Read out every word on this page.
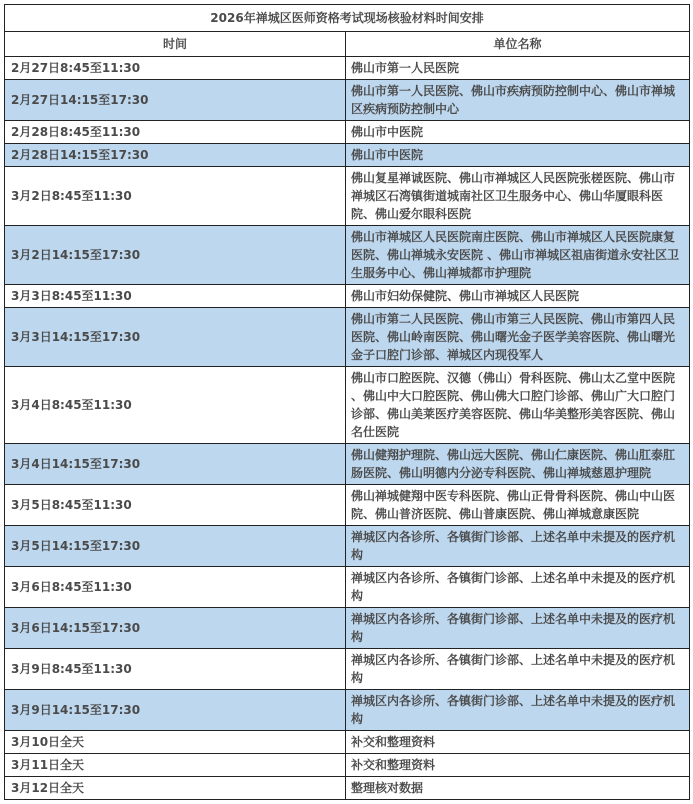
2026年禅城区医师资格考试现场核验材料时间安排	
时间	单位名称
2月27日8:45至11:30	佛山市第一人民医院
2月27日14:15至17:30	佛山市第一人民医院、佛山市疾病预防控制中心、佛山市禅城区疾病预防控制中心
2月28日8:45至11:30	佛山市中医院
2月28日14:15至17:30	佛山市中医院
3月2日8:45至11:30	佛山复星禅诚医院、佛山市禅城区人民医院张槎医院、佛山市禅城区石湾镇街道城南社区卫生服务中心、佛山华厦眼科医院、佛山爱尔眼科医院
3月2日14:15至17:30	佛山市禅城区人民医院南庄医院、佛山市禅城区人民医院康复医院、佛山禅城永安医院 、佛山市禅城区祖庙街道永安社区卫生服务中心、佛山禅城都市护理院
3月3日8:45至11:30	佛山市妇幼保健院、佛山市禅城区人民医院
3月3日14:15至17:30	佛山市第二人民医院、佛山市第三人民医院、佛山市第四人民医院、佛山岭南医院、佛山曙光金子医学美容医院、佛山曙光金子口腔门诊部、禅城区内现役军人
3月4日8:45至11:30	佛山市口腔医院、汉德（佛山）骨科医院、佛山太乙堂中医院 、佛山中大口腔医院、佛山佛大口腔门诊部、佛山广大口腔门诊部、佛山美莱医疗美容医院、佛山华美整形美容医院、佛山名仕医院
3月4日14:15至17:30	佛山健翔护理院、佛山远大医院、佛山仁康医院、佛山肛泰肛肠医院、佛山明德内分泌专科医院、佛山禅城慈恩护理院
3月5日8:45至11:30	佛山禅城健翔中医专科医院、佛山正骨骨科医院、佛山中山医院、佛山普济医院、佛山普康医院、佛山禅城意康医院
3月5日14:15至17:30	禅城区内各诊所、各镇街门诊部、上述名单中未提及的医疗机构
3月6日8:45至11:30	禅城区内各诊所、各镇街门诊部、上述名单中未提及的医疗机构
3月6日14:15至17:30	禅城区内各诊所、各镇街门诊部、上述名单中未提及的医疗机构
3月9日8:45至11:30	禅城区内各诊所、各镇街门诊部、上述名单中未提及的医疗机构
3月9日14:15至17:30	禅城区内各诊所、各镇街门诊部、上述名单中未提及的医疗机构
3月10日全天	补交和整理资料
3月11日全天	补交和整理资料
3月12日全天	整理核对数据
